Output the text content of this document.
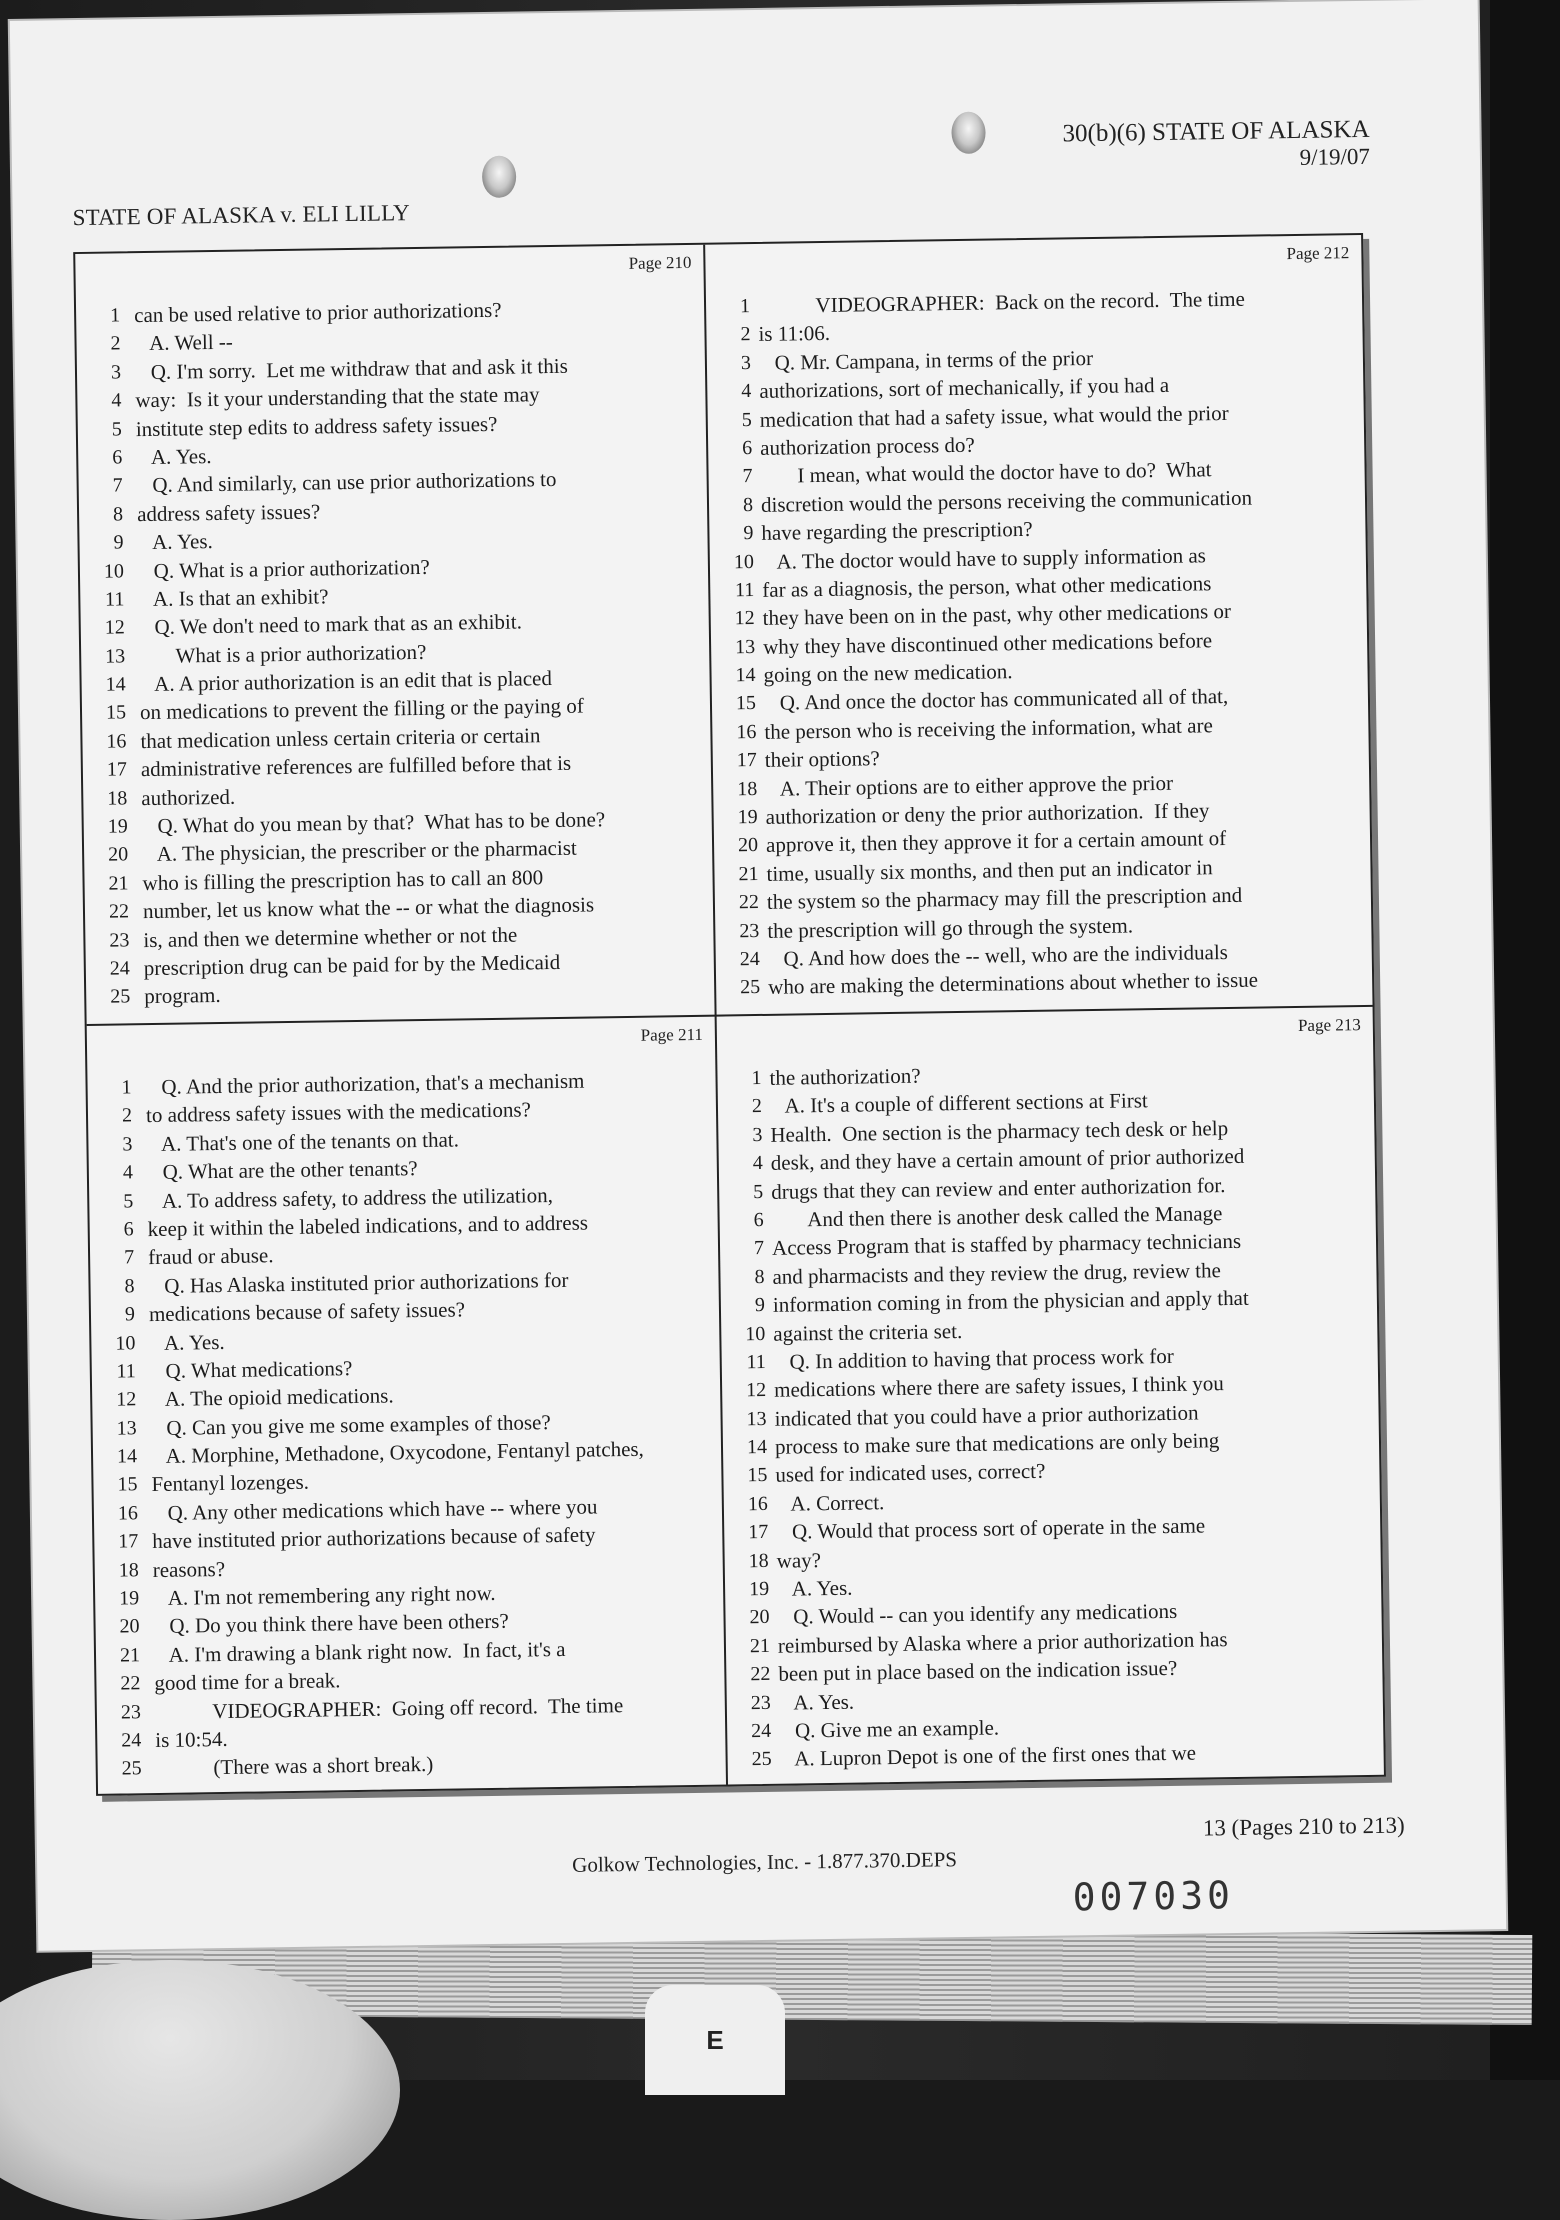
E
STATE OF ALASKA v. ELI LILLY
30(b)(6) STATE OF ALASKA
9/19/07
Page 210
1 can be used relative to prior authorizations?
2 A. Well --
3 Q. I'm sorry.  Let me withdraw that and ask it this
4 way:  Is it your understanding that the state may
5 institute step edits to address safety issues?
6 A. Yes.
7 Q. And similarly, can use prior authorizations to
8 address safety issues?
9 A. Yes.
10 Q. What is a prior authorization?
11 A. Is that an exhibit?
12 Q. We don't need to mark that as an exhibit.
13 What is a prior authorization?
14 A. A prior authorization is an edit that is placed
15 on medications to prevent the filling or the paying of
16 that medication unless certain criteria or certain
17 administrative references are fulfilled before that is
18 authorized.
19 Q. What do you mean by that?  What has to be done?
20 A. The physician, the prescriber or the pharmacist
21 who is filling the prescription has to call an 800
22 number, let us know what the -- or what the diagnosis
23 is, and then we determine whether or not the
24 prescription drug can be paid for by the Medicaid
25 program.
Page 212
1 VIDEOGRAPHER:  Back on the record.  The time
2 is 11:06.
3 Q. Mr. Campana, in terms of the prior
4 authorizations, sort of mechanically, if you had a
5 medication that had a safety issue, what would the prior
6 authorization process do?
7 I mean, what would the doctor have to do?  What
8 discretion would the persons receiving the communication
9 have regarding the prescription?
10 A. The doctor would have to supply information as
11 far as a diagnosis, the person, what other medications
12 they have been on in the past, why other medications or
13 why they have discontinued other medications before
14 going on the new medication.
15 Q. And once the doctor has communicated all of that,
16 the person who is receiving the information, what are
17 their options?
18 A. Their options are to either approve the prior
19 authorization or deny the prior authorization.  If they
20 approve it, then they approve it for a certain amount of
21 time, usually six months, and then put an indicator in
22 the system so the pharmacy may fill the prescription and
23 the prescription will go through the system.
24 Q. And how does the -- well, who are the individuals
25 who are making the determinations about whether to issue
Page 211
1 Q. And the prior authorization, that's a mechanism
2 to address safety issues with the medications?
3 A. That's one of the tenants on that.
4 Q. What are the other tenants?
5 A. To address safety, to address the utilization,
6 keep it within the labeled indications, and to address
7 fraud or abuse.
8 Q. Has Alaska instituted prior authorizations for
9 medications because of safety issues?
10 A. Yes.
11 Q. What medications?
12 A. The opioid medications.
13 Q. Can you give me some examples of those?
14 A. Morphine, Methadone, Oxycodone, Fentanyl patches,
15 Fentanyl lozenges.
16 Q. Any other medications which have -- where you
17 have instituted prior authorizations because of safety
18 reasons?
19 A. I'm not remembering any right now.
20 Q. Do you think there have been others?
21 A. I'm drawing a blank right now.  In fact, it's a
22 good time for a break.
23 VIDEOGRAPHER:  Going off record.  The time
24 is 10:54.
25 (There was a short break.)
Page 213
1 the authorization?
2 A. It's a couple of different sections at First
3 Health.  One section is the pharmacy tech desk or help
4 desk, and they have a certain amount of prior authorized
5 drugs that they can review and enter authorization for.
6 And then there is another desk called the Manage
7 Access Program that is staffed by pharmacy technicians
8 and pharmacists and they review the drug, review the
9 information coming in from the physician and apply that
10 against the criteria set.
11 Q. In addition to having that process work for
12 medications where there are safety issues, I think you
13 indicated that you could have a prior authorization
14 process to make sure that medications are only being
15 used for indicated uses, correct?
16 A. Correct.
17 Q. Would that process sort of operate in the same
18 way?
19 A. Yes.
20 Q. Would -- can you identify any medications
21 reimbursed by Alaska where a prior authorization has
22 been put in place based on the indication issue?
23 A. Yes.
24 Q. Give me an example.
25 A. Lupron Depot is one of the first ones that we
13 (Pages 210 to 213)
Golkow Technologies, Inc. - 1.877.370.DEPS
007030
